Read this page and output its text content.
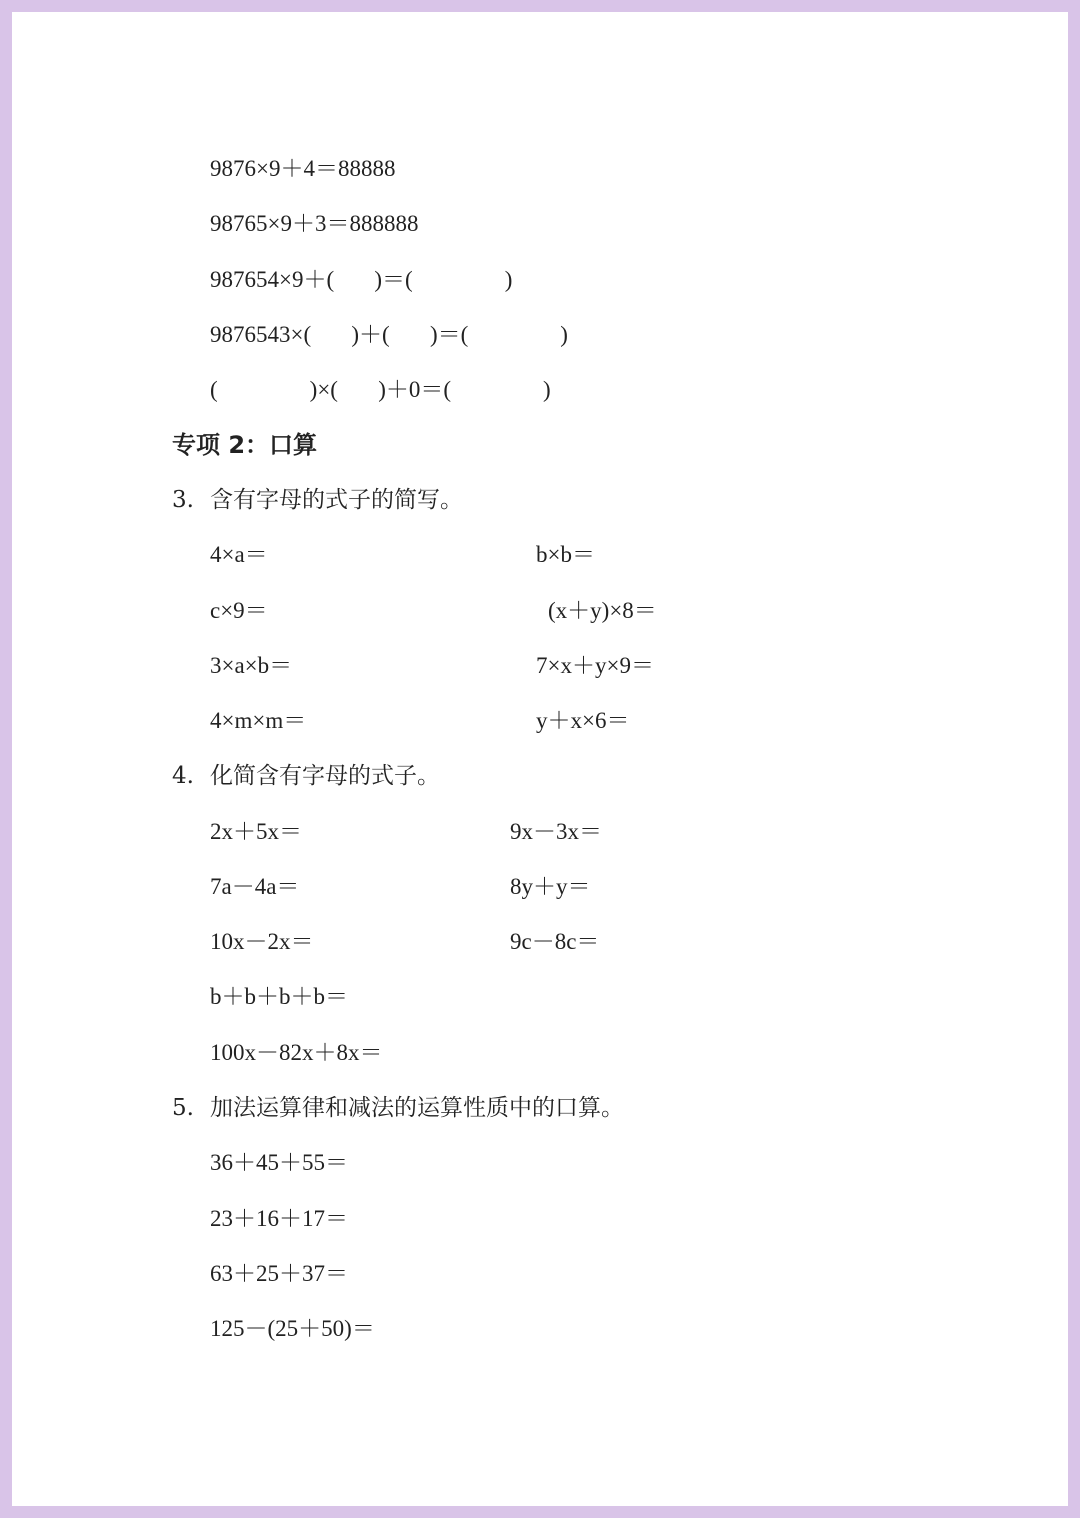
9876×9＋4＝88888
98765×9＋3＝888888
987654×9＋(       )＝(                )
9876543×(       )＋(       )＝(                )
(                )×(       )＋0＝(                )
专项 2：口算
3. 含有字母的式子的简写。
4×a＝	b×b＝
c×9＝	(x＋y)×8＝
3×a×b＝	7×x＋y×9＝
4×m×m＝	y＋x×6＝
4. 化简含有字母的式子。
2x＋5x＝	9x－3x＝
7a－4a＝	8y＋y＝
10x－2x＝	9c－8c＝
b＋b＋b＋b＝
100x－82x＋8x＝
5. 加法运算律和减法的运算性质中的口算。
36＋45＋55＝
23＋16＋17＝
63＋25＋37＝
125－(25＋50)＝
